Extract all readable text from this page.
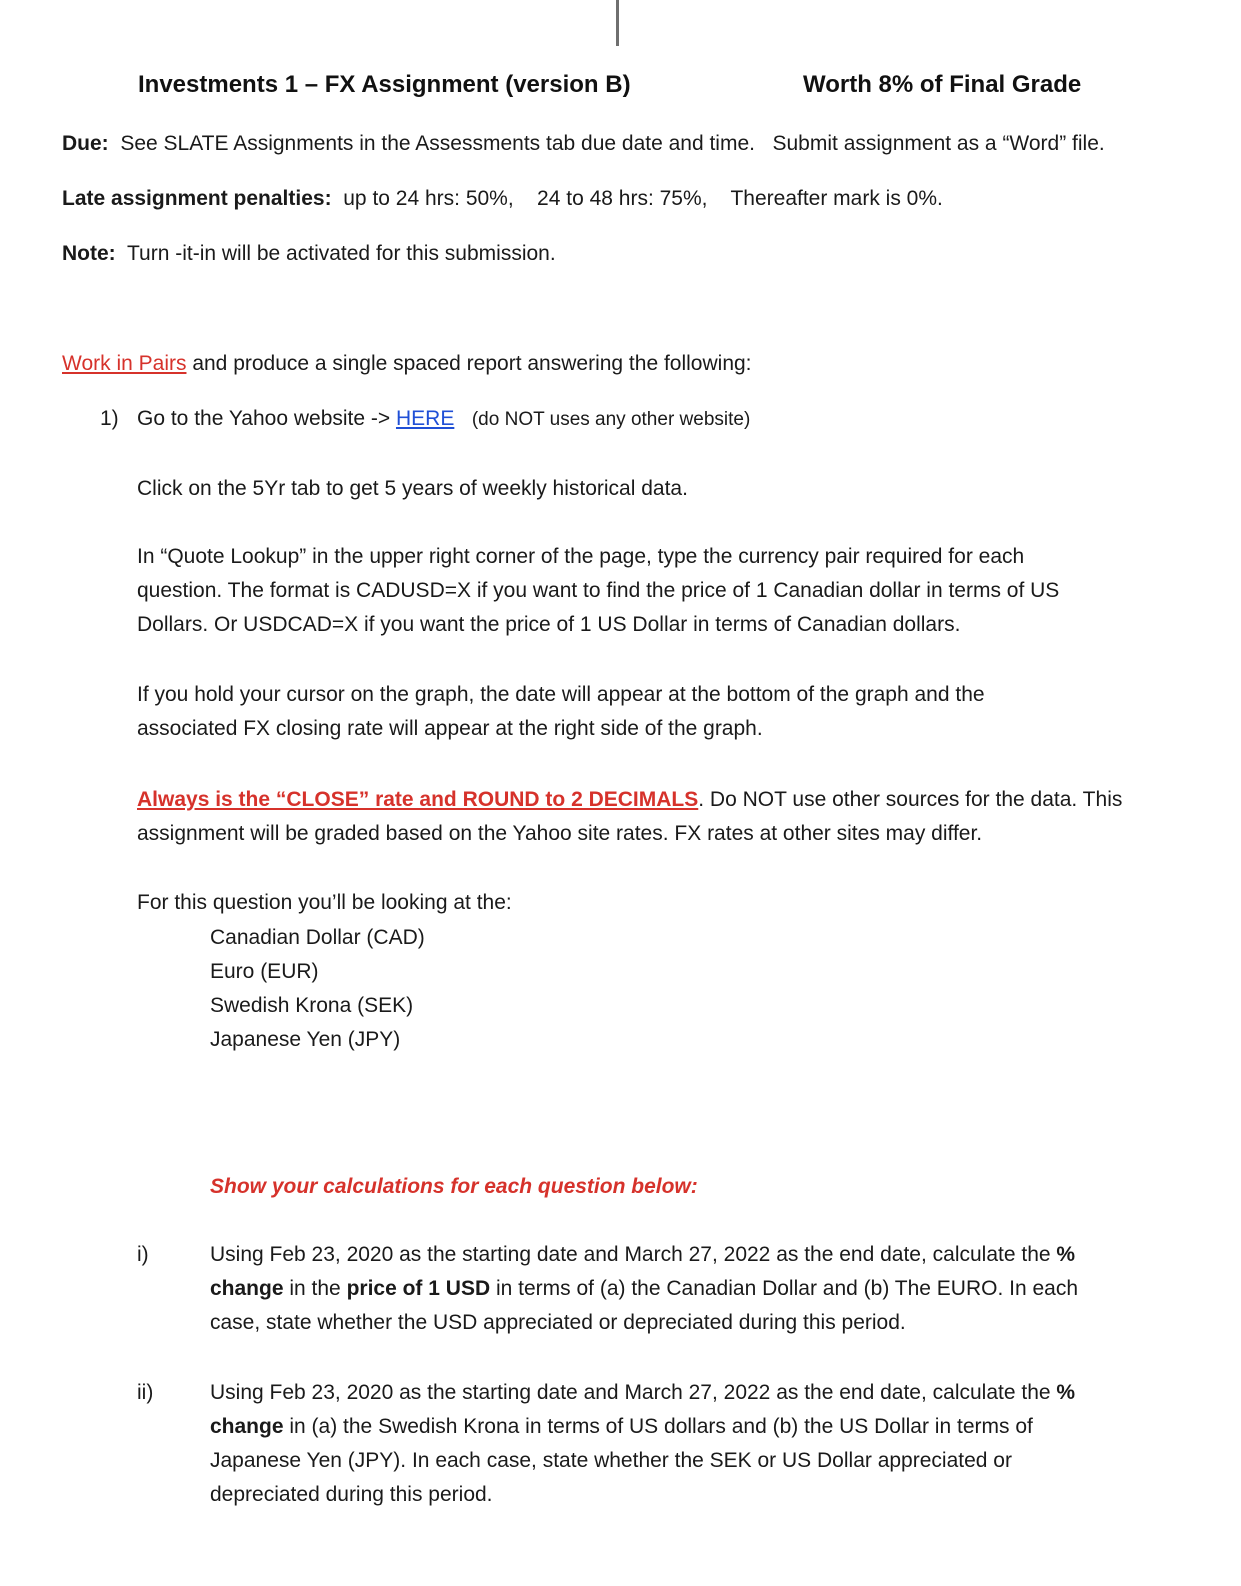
Investments 1 – FX Assignment (version B)	Worth 8% of Final Grade
Due: See SLATE Assignments in the Assessments tab due date and time. Submit assignment as a “Word” file.
Late assignment penalties: up to 24 hrs: 50%, 24 to 48 hrs: 75%, Thereafter mark is 0%.
Note: Turn -it-in will be activated for this submission.
Work in Pairs and produce a single spaced report answering the following:
1) Go to the Yahoo website -> HERE (do NOT uses any other website)
Click on the 5Yr tab to get 5 years of weekly historical data.
In “Quote Lookup” in the upper right corner of the page, type the currency pair required for each
question. The format is CADUSD=X if you want to find the price of 1 Canadian dollar in terms of US
Dollars. Or USDCAD=X if you want the price of 1 US Dollar in terms of Canadian dollars.
If you hold your cursor on the graph, the date will appear at the bottom of the graph and the
associated FX closing rate will appear at the right side of the graph.
Always is the “CLOSE” rate and ROUND to 2 DECIMALS. Do NOT use other sources for the data. This
assignment will be graded based on the Yahoo site rates. FX rates at other sites may differ.
For this question you’ll be looking at the:
Canadian Dollar (CAD)
Euro (EUR)
Swedish Krona (SEK)
Japanese Yen (JPY)
Show your calculations for each question below:
i)	Using Feb 23, 2020 as the starting date and March 27, 2022 as the end date, calculate the %
change in the price of 1 USD in terms of (a) the Canadian Dollar and (b) The EURO. In each
case, state whether the USD appreciated or depreciated during this period.
ii)	Using Feb 23, 2020 as the starting date and March 27, 2022 as the end date, calculate the %
change in (a) the Swedish Krona in terms of US dollars and (b) the US Dollar in terms of
Japanese Yen (JPY). In each case, state whether the SEK or US Dollar appreciated or
depreciated during this period.
